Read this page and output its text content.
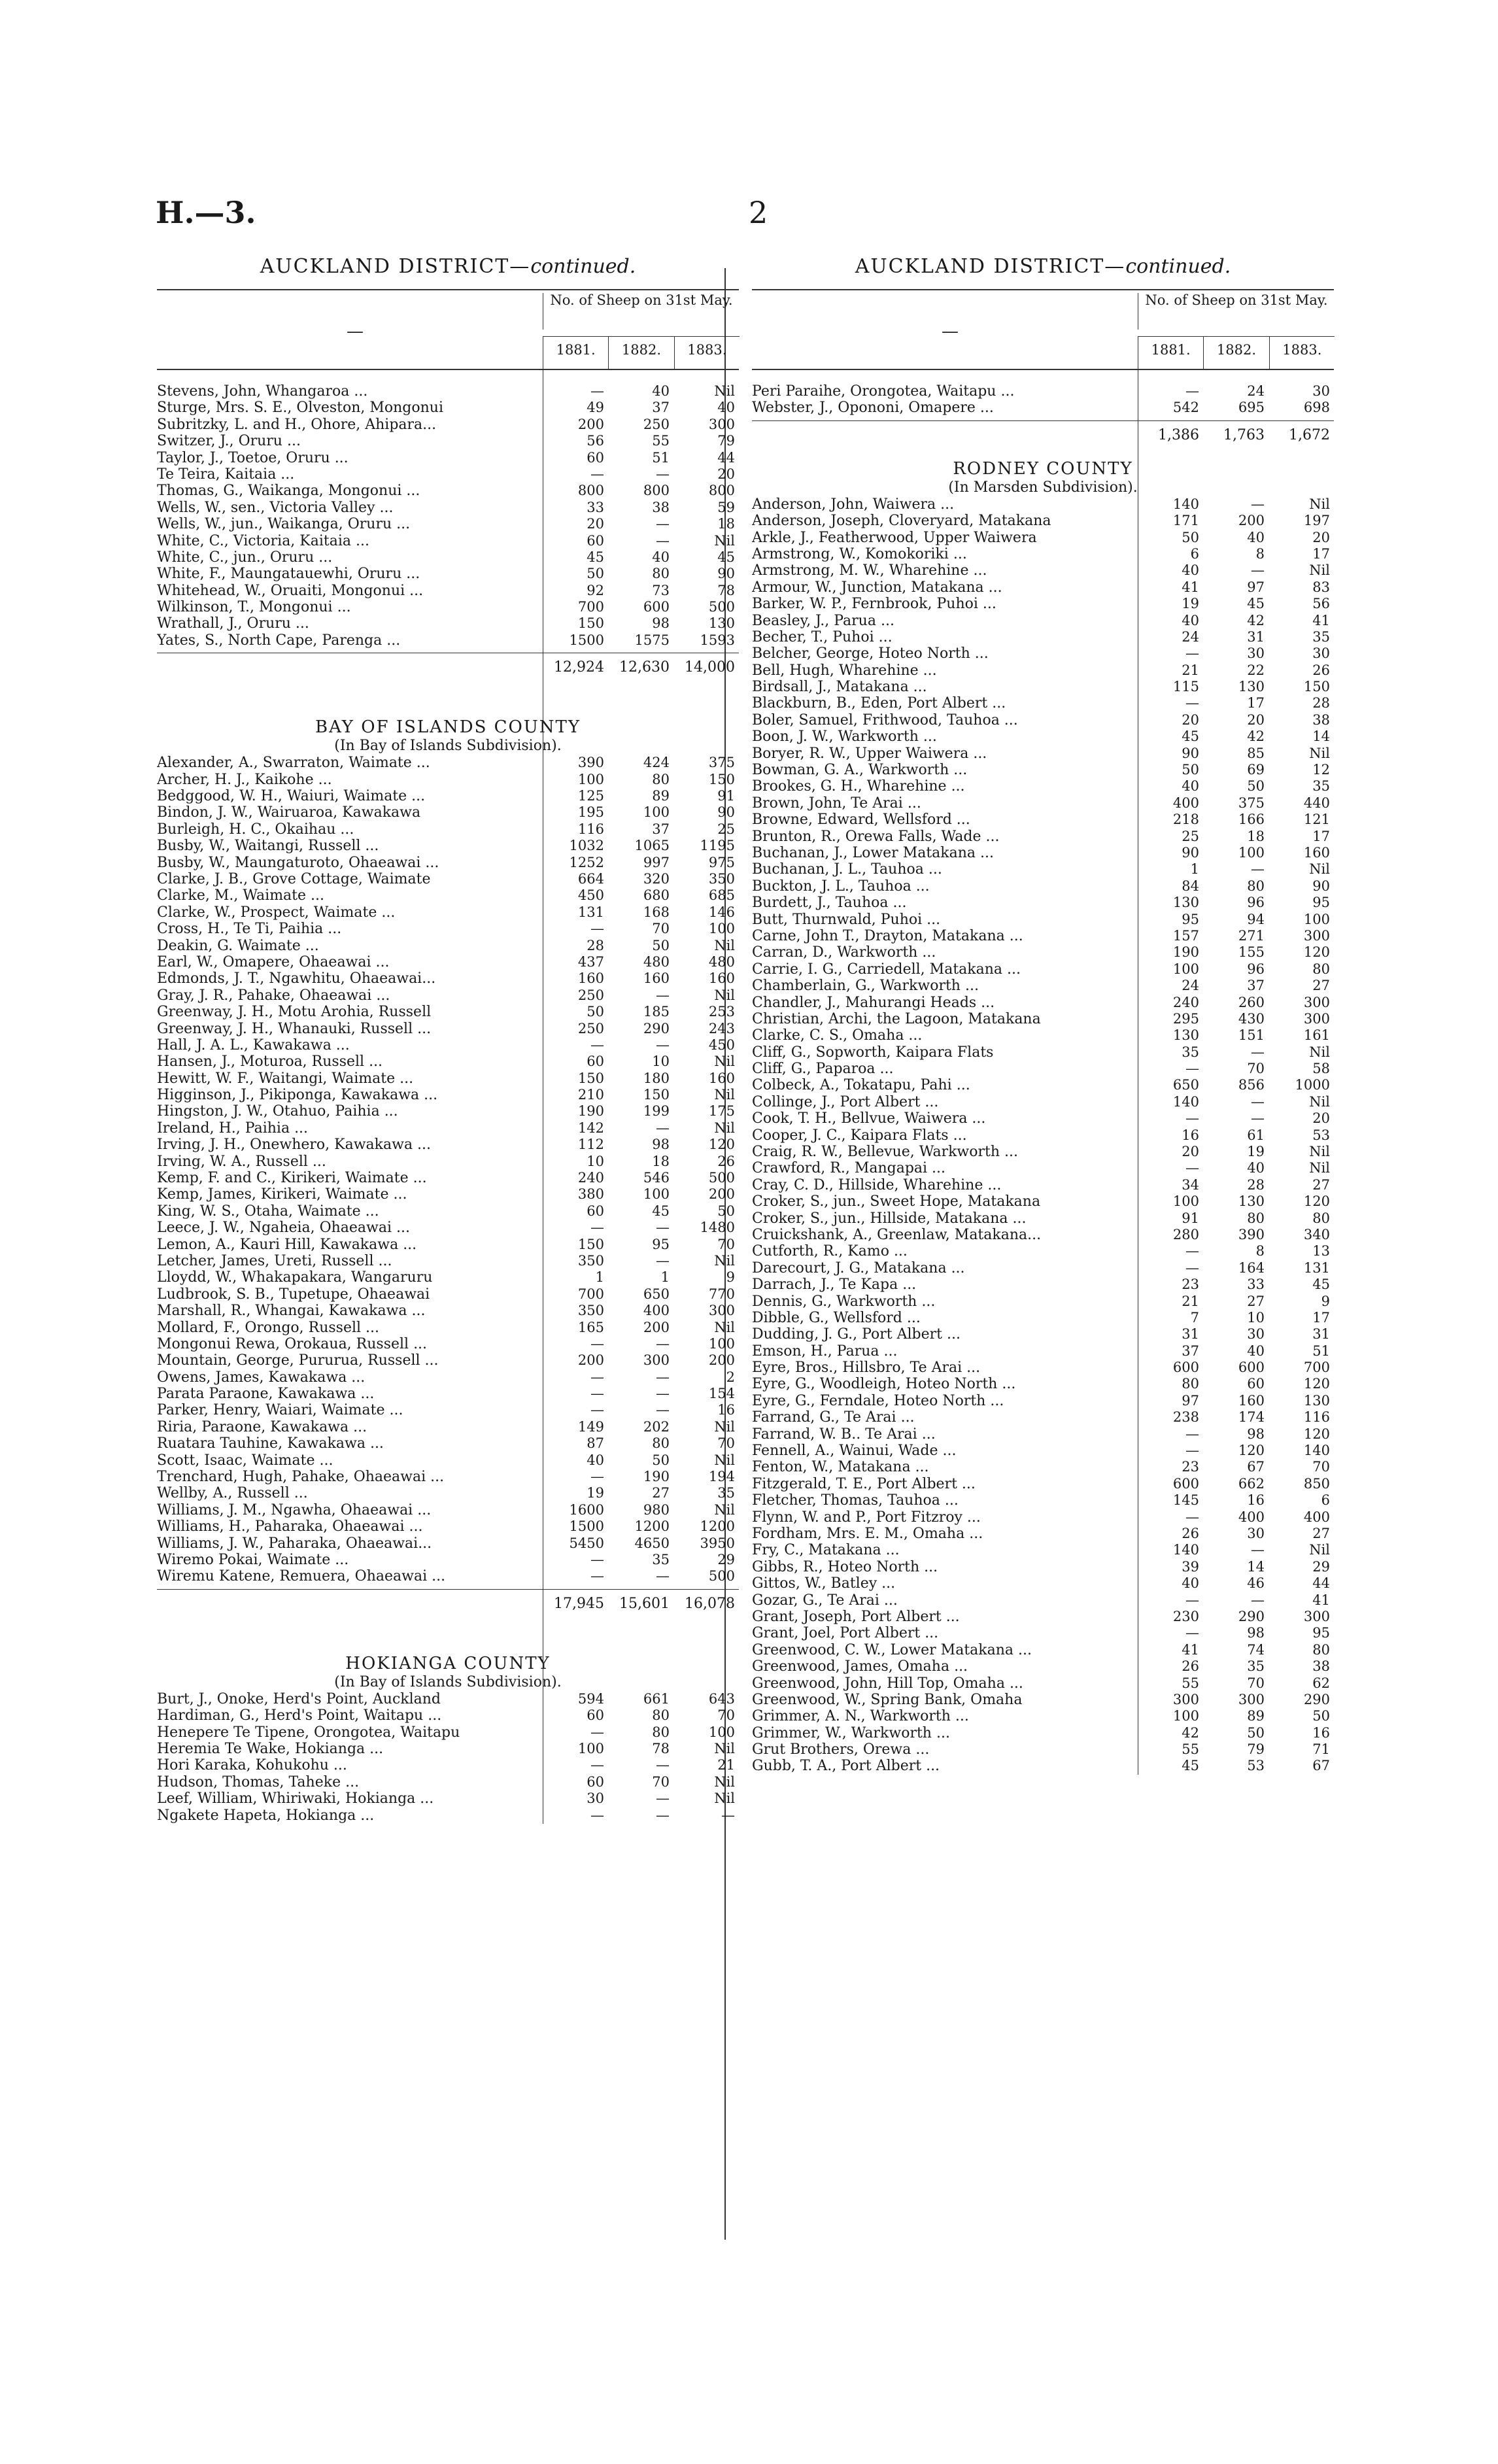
H.—3.	2
AUCKLAND DISTRICT—continued.
—
No. of Sheep on 31st May.
1881.	1882.	1883.
Stevens, John, Whangaroa ...	—	40	Nil
Sturge, Mrs. S. E., Olveston, Mongonui	49	37	40
Subritzky, L. and H., Ohore, Ahipara...	200	250	300
Switzer, J., Oruru ...	56	55	79
Taylor, J., Toetoe, Oruru ...	60	51	44
Te Teira, Kaitaia ...	—	—	20
Thomas, G., Waikanga, Mongonui ...	800	800	800
Wells, W., sen., Victoria Valley ...	33	38	59
Wells, W., jun., Waikanga, Oruru ...	20	—	18
White, C., Victoria, Kaitaia ...	60	—	Nil
White, C., jun., Oruru ...	45	40	45
White, F., Maungatauewhi, Oruru ...	50	80	90
Whitehead, W., Oruaiti, Mongonui ...	92	73	78
Wilkinson, T., Mongonui ...	700	600	500
Wrathall, J., Oruru ...	150	98	130
Yates, S., North Cape, Parenga ...	1500	1575	1593
12,924	12,630	14,000
BAY OF ISLANDS COUNTY
(In Bay of Islands Subdivision).
Alexander, A., Swarraton, Waimate ...	390	424	375
Archer, H. J., Kaikohe ...	100	80	150
Bedggood, W. H., Waiuri, Waimate ...	125	89	91
Bindon, J. W., Wairuaroa, Kawakawa	195	100	90
Burleigh, H. C., Okaihau ...	116	37	25
Busby, W., Waitangi, Russell ...	1032	1065	1195
Busby, W., Maungaturoto, Ohaeawai ...	1252	997	975
Clarke, J. B., Grove Cottage, Waimate	664	320	350
Clarke, M., Waimate ...	450	680	685
Clarke, W., Prospect, Waimate ...	131	168	146
Cross, H., Te Ti, Paihia ...	—	70	100
Deakin, G. Waimate ...	28	50	Nil
Earl, W., Omapere, Ohaeawai ...	437	480	480
Edmonds, J. T., Ngawhitu, Ohaeawai...	160	160	160
Gray, J. R., Pahake, Ohaeawai ...	250	—	Nil
Greenway, J. H., Motu Arohia, Russell	50	185	253
Greenway, J. H., Whanauki, Russell ...	250	290	243
Hall, J. A. L., Kawakawa ...	—	—	450
Hansen, J., Moturoa, Russell ...	60	10	Nil
Hewitt, W. F., Waitangi, Waimate ...	150	180	160
Higginson, J., Pikiponga, Kawakawa ...	210	150	Nil
Hingston, J. W., Otahuo, Paihia ...	190	199	175
Ireland, H., Paihia ...	142	—	Nil
Irving, J. H., Onewhero, Kawakawa ...	112	98	120
Irving, W. A., Russell ...	10	18	26
Kemp, F. and C., Kirikeri, Waimate ...	240	546	500
Kemp, James, Kirikeri, Waimate ...	380	100	200
King, W. S., Otaha, Waimate ...	60	45	50
Leece, J. W., Ngaheia, Ohaeawai ...	—	—	1480
Lemon, A., Kauri Hill, Kawakawa ...	150	95	70
Letcher, James, Ureti, Russell ...	350	—	Nil
Lloydd, W., Whakapakara, Wangaruru	1	1	9
Ludbrook, S. B., Tupetupe, Ohaeawai	700	650	770
Marshall, R., Whangai, Kawakawa ...	350	400	300
Mollard, F., Orongo, Russell ...	165	200	Nil
Mongonui Rewa, Orokaua, Russell ...	—	—	100
Mountain, George, Pururua, Russell ...	200	300	200
Owens, James, Kawakawa ...	—	—	2
Parata Paraone, Kawakawa ...	—	—	154
Parker, Henry, Waiari, Waimate ...	—	—	16
Riria, Paraone, Kawakawa ...	149	202	Nil
Ruatara Tauhine, Kawakawa ...	87	80	70
Scott, Isaac, Waimate ...	40	50	Nil
Trenchard, Hugh, Pahake, Ohaeawai ...	—	190	194
Wellby, A., Russell ...	19	27	35
Williams, J. M., Ngawha, Ohaeawai ...	1600	980	Nil
Williams, H., Paharaka, Ohaeawai ...	1500	1200	1200
Williams, J. W., Paharaka, Ohaeawai...	5450	4650	3950
Wiremo Pokai, Waimate ...	—	35	29
Wiremu Katene, Remuera, Ohaeawai ...	—	—	500
17,945	15,601	16,078
HOKIANGA COUNTY
(In Bay of Islands Subdivision).
Burt, J., Onoke, Herd's Point, Auckland	594	661	643
Hardiman, G., Herd's Point, Waitapu ...	60	80	70
Henepere Te Tipene, Orongotea, Waitapu	—	80	100
Heremia Te Wake, Hokianga ...	100	78	Nil
Hori Karaka, Kohukohu ...	—	—	21
Hudson, Thomas, Taheke ...	60	70	Nil
Leef, William, Whiriwaki, Hokianga ...	30	—	Nil
Ngakete Hapeta, Hokianga ...	—	—	—
AUCKLAND DISTRICT—continued.
—
No. of Sheep on 31st May.
1881.	1882.	1883.
Peri Paraihe, Orongotea, Waitapu ...	—	24	30
Webster, J., Opononi, Omapere ...	542	695	698
1,386	1,763	1,672
RODNEY COUNTY
(In Marsden Subdivision).
Anderson, John, Waiwera ...	140	—	Nil
Anderson, Joseph, Cloveryard, Matakana	171	200	197
Arkle, J., Featherwood, Upper Waiwera	50	40	20
Armstrong, W., Komokoriki ...	6	8	17
Armstrong, M. W., Wharehine ...	40	—	Nil
Armour, W., Junction, Matakana ...	41	97	83
Barker, W. P., Fernbrook, Puhoi ...	19	45	56
Beasley, J., Parua ...	40	42	41
Becher, T., Puhoi ...	24	31	35
Belcher, George, Hoteo North ...	—	30	30
Bell, Hugh, Wharehine ...	21	22	26
Birdsall, J., Matakana ...	115	130	150
Blackburn, B., Eden, Port Albert ...	—	17	28
Boler, Samuel, Frithwood, Tauhoa ...	20	20	38
Boon, J. W., Warkworth ...	45	42	14
Boryer, R. W., Upper Waiwera ...	90	85	Nil
Bowman, G. A., Warkworth ...	50	69	12
Brookes, G. H., Wharehine ...	40	50	35
Brown, John, Te Arai ...	400	375	440
Browne, Edward, Wellsford ...	218	166	121
Brunton, R., Orewa Falls, Wade ...	25	18	17
Buchanan, J., Lower Matakana ...	90	100	160
Buchanan, J. L., Tauhoa ...	1	—	Nil
Buckton, J. L., Tauhoa ...	84	80	90
Burdett, J., Tauhoa ...	130	96	95
Butt, Thurnwald, Puhoi ...	95	94	100
Carne, John T., Drayton, Matakana ...	157	271	300
Carran, D., Warkworth ...	190	155	120
Carrie, I. G., Carriedell, Matakana ...	100	96	80
Chamberlain, G., Warkworth ...	24	37	27
Chandler, J., Mahurangi Heads ...	240	260	300
Christian, Archi, the Lagoon, Matakana	295	430	300
Clarke, C. S., Omaha ...	130	151	161
Cliff, G., Sopworth, Kaipara Flats	35	—	Nil
Cliff, G., Paparoa ...	—	70	58
Colbeck, A., Tokatapu, Pahi ...	650	856	1000
Collinge, J., Port Albert ...	140	—	Nil
Cook, T. H., Bellvue, Waiwera ...	—	—	20
Cooper, J. C., Kaipara Flats ...	16	61	53
Craig, R. W., Bellevue, Warkworth ...	20	19	Nil
Crawford, R., Mangapai ...	—	40	Nil
Cray, C. D., Hillside, Wharehine ...	34	28	27
Croker, S., jun., Sweet Hope, Matakana	100	130	120
Croker, S., jun., Hillside, Matakana ...	91	80	80
Cruickshank, A., Greenlaw, Matakana...	280	390	340
Cutforth, R., Kamo ...	—	8	13
Darecourt, J. G., Matakana ...	—	164	131
Darrach, J., Te Kapa ...	23	33	45
Dennis, G., Warkworth ...	21	27	9
Dibble, G., Wellsford ...	7	10	17
Dudding, J. G., Port Albert ...	31	30	31
Emson, H., Parua ...	37	40	51
Eyre, Bros., Hillsbro, Te Arai ...	600	600	700
Eyre, G., Woodleigh, Hoteo North ...	80	60	120
Eyre, G., Ferndale, Hoteo North ...	97	160	130
Farrand, G., Te Arai ...	238	174	116
Farrand, W. B.. Te Arai ...	—	98	120
Fennell, A., Wainui, Wade ...	—	120	140
Fenton, W., Matakana ...	23	67	70
Fitzgerald, T. E., Port Albert ...	600	662	850
Fletcher, Thomas, Tauhoa ...	145	16	6
Flynn, W. and P., Port Fitzroy ...	—	400	400
Fordham, Mrs. E. M., Omaha ...	26	30	27
Fry, C., Matakana ...	140	—	Nil
Gibbs, R., Hoteo North ...	39	14	29
Gittos, W., Batley ...	40	46	44
Gozar, G., Te Arai ...	—	—	41
Grant, Joseph, Port Albert ...	230	290	300
Grant, Joel, Port Albert ...	—	98	95
Greenwood, C. W., Lower Matakana ...	41	74	80
Greenwood, James, Omaha ...	26	35	38
Greenwood, John, Hill Top, Omaha ...	55	70	62
Greenwood, W., Spring Bank, Omaha	300	300	290
Grimmer, A. N., Warkworth ...	100	89	50
Grimmer, W., Warkworth ...	42	50	16
Grut Brothers, Orewa ...	55	79	71
Gubb, T. A., Port Albert ...	45	53	67
